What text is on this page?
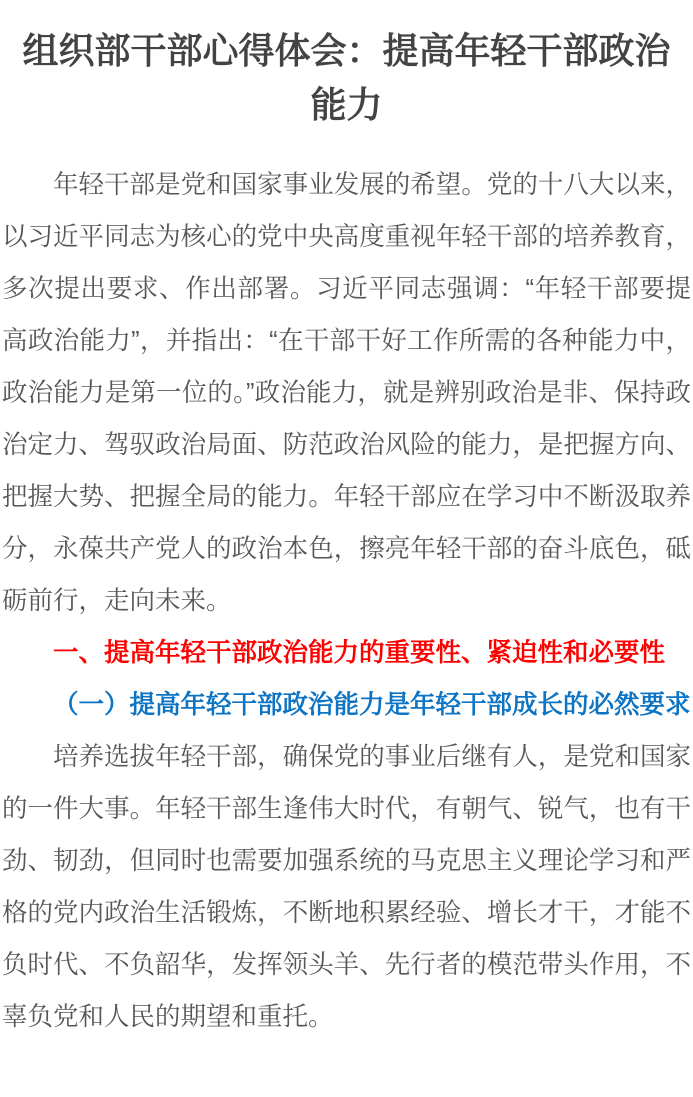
组织部干部心得体会：提高年轻干部政治能力

年轻干部是党和国家事业发展的希望。党的十八大以来，以习近平同志为核心的党中央高度重视年轻干部的培养教育，多次提出要求、作出部署。习近平同志强调：“年轻干部要提高政治能力”，并指出：“在干部干好工作所需的各种能力中，政治能力是第一位的。”政治能力，就是辨别政治是非、保持政治定力、驾驭政治局面、防范政治风险的能力，是把握方向、把握大势、把握全局的能力。年轻干部应在学习中不断汲取养分，永葆共产党人的政治本色，擦亮年轻干部的奋斗底色，砥砺前行，走向未来。

一、提高年轻干部政治能力的重要性、紧迫性和必要性

（一）提高年轻干部政治能力是年轻干部成长的必然要求

培养选拔年轻干部，确保党的事业后继有人，是党和国家的一件大事。年轻干部生逢伟大时代，有朝气、锐气，也有干劲、韧劲，但同时也需要加强系统的马克思主义理论学习和严格的党内政治生活锻炼，不断地积累经验、增长才干，才能不负时代、不负韶华，发挥领头羊、先行者的模范带头作用，不辜负党和人民的期望和重托。
